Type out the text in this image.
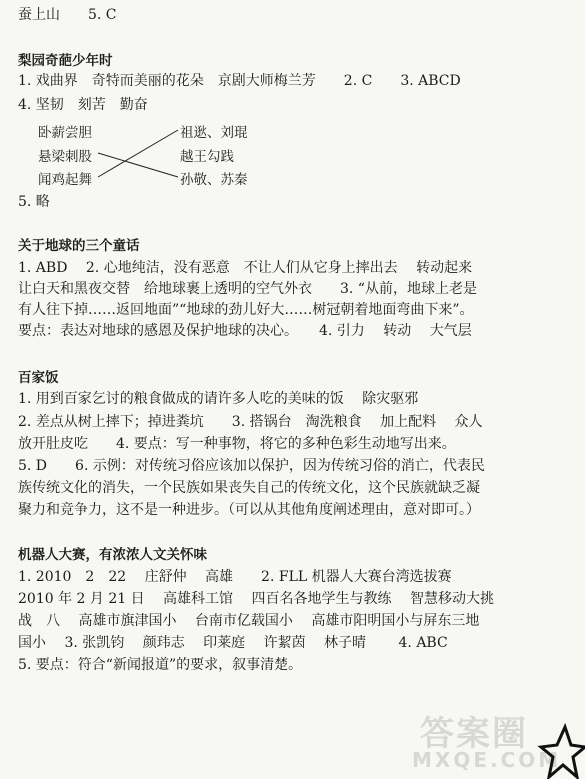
蚕上山　　5. C
梨园奇葩少年时
1. 戏曲界　奇特而美丽的花朵　京剧大师梅兰芳　　2. C　　3. ABCD
4. 坚韧　刻苦　勤奋
卧薪尝胆
悬梁刺股
闻鸡起舞
祖逖、刘琨
越王勾践
孙敬、苏秦
5. 略
关于地球的三个童话
1. ABD　 2. 心地纯洁，没有恶意　不让人们从它身上摔出去　 转动起来
让白天和黑夜交替　给地球裹上透明的空气外衣　　3. “从前，地球上老是
有人往下掉……返回地面”“地球的劲儿好大……树冠朝着地面弯曲下来”。
要点：表达对地球的感恩及保护地球的决心。　　4. 引力　 转动　 大气层
百家饭
1. 用到百家乞讨的粮食做成的请许多人吃的美味的饭　 除灾驱邪
2. 差点从树上摔下；掉进粪坑　　3. 搭锅台　淘洗粮食　 加上配料　 众人
放开肚皮吃　　4. 要点：写一种事物，将它的多种色彩生动地写出来。
5. D　　6. 示例：对传统习俗应该加以保护，因为传统习俗的消亡，代表民
族传统文化的消失，一个民族如果丧失自己的传统文化，这个民族就缺乏凝
聚力和竞争力，这不是一种进步。（可以从其他角度阐述理由，意对即可。）
机器人大赛，有浓浓人文关怀味
1. 2010　2　22　 庄舒仲　 高雄　　2. FLL 机器人大赛台湾选拔赛
2010 年 2 月 21 日　 高雄科工馆　 四百名各地学生与教练　 智慧移动大挑
战　八　 高雄市旗津国小　 台南市亿载国小　 高雄市阳明国小与屏东三地
国小　 3. 张凯钧　 颜玮志　 印莱庭　 许絜茵　 林子晴　　 4. ABC
5. 要点：符合“新闻报道”的要求，叙事清楚。
答案圈
MXQE.COM
